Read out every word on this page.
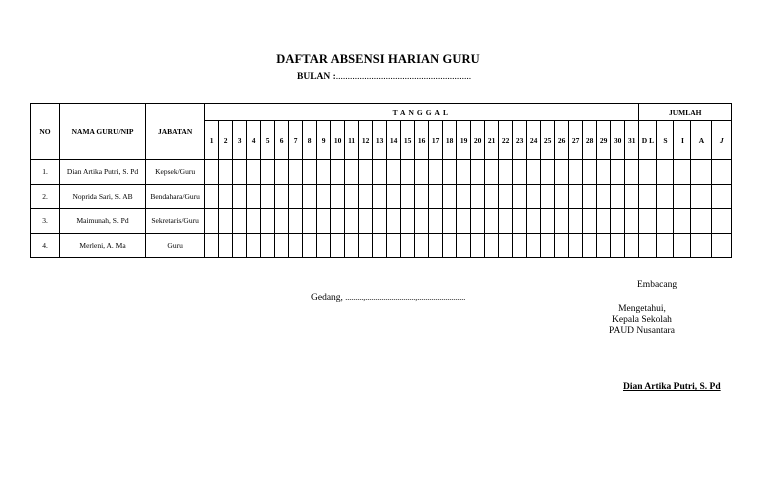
DAFTAR ABSENSI HARIAN GURU
BULAN :.........................................................
NO	NAMA GURU/NIP	JABATAN	TANGGAL																															JUMLAH				
			1	2	3	4	5	6	7	8	9	10	11	12	13	14	15	16	17	18	19	20	21	22	23	24	25	26	27	28	29	30	31	D L	S	I	A	J
1.	Dian Artika Putri, S. Pd	Kepsek/Guru																																				
2.	Noprida Sari, S. AB	Bendahara/Guru																																				
3.	Maimunah, S. Pd	Sekretaris/Guru																																				
4.	Merleni, A. Ma	Guru																																				
Embacang
Gedang, .........,.........................,........................
Mengetahui,
Kepala Sekolah
PAUD Nusantara
Dian Artika Putri, S. Pd
